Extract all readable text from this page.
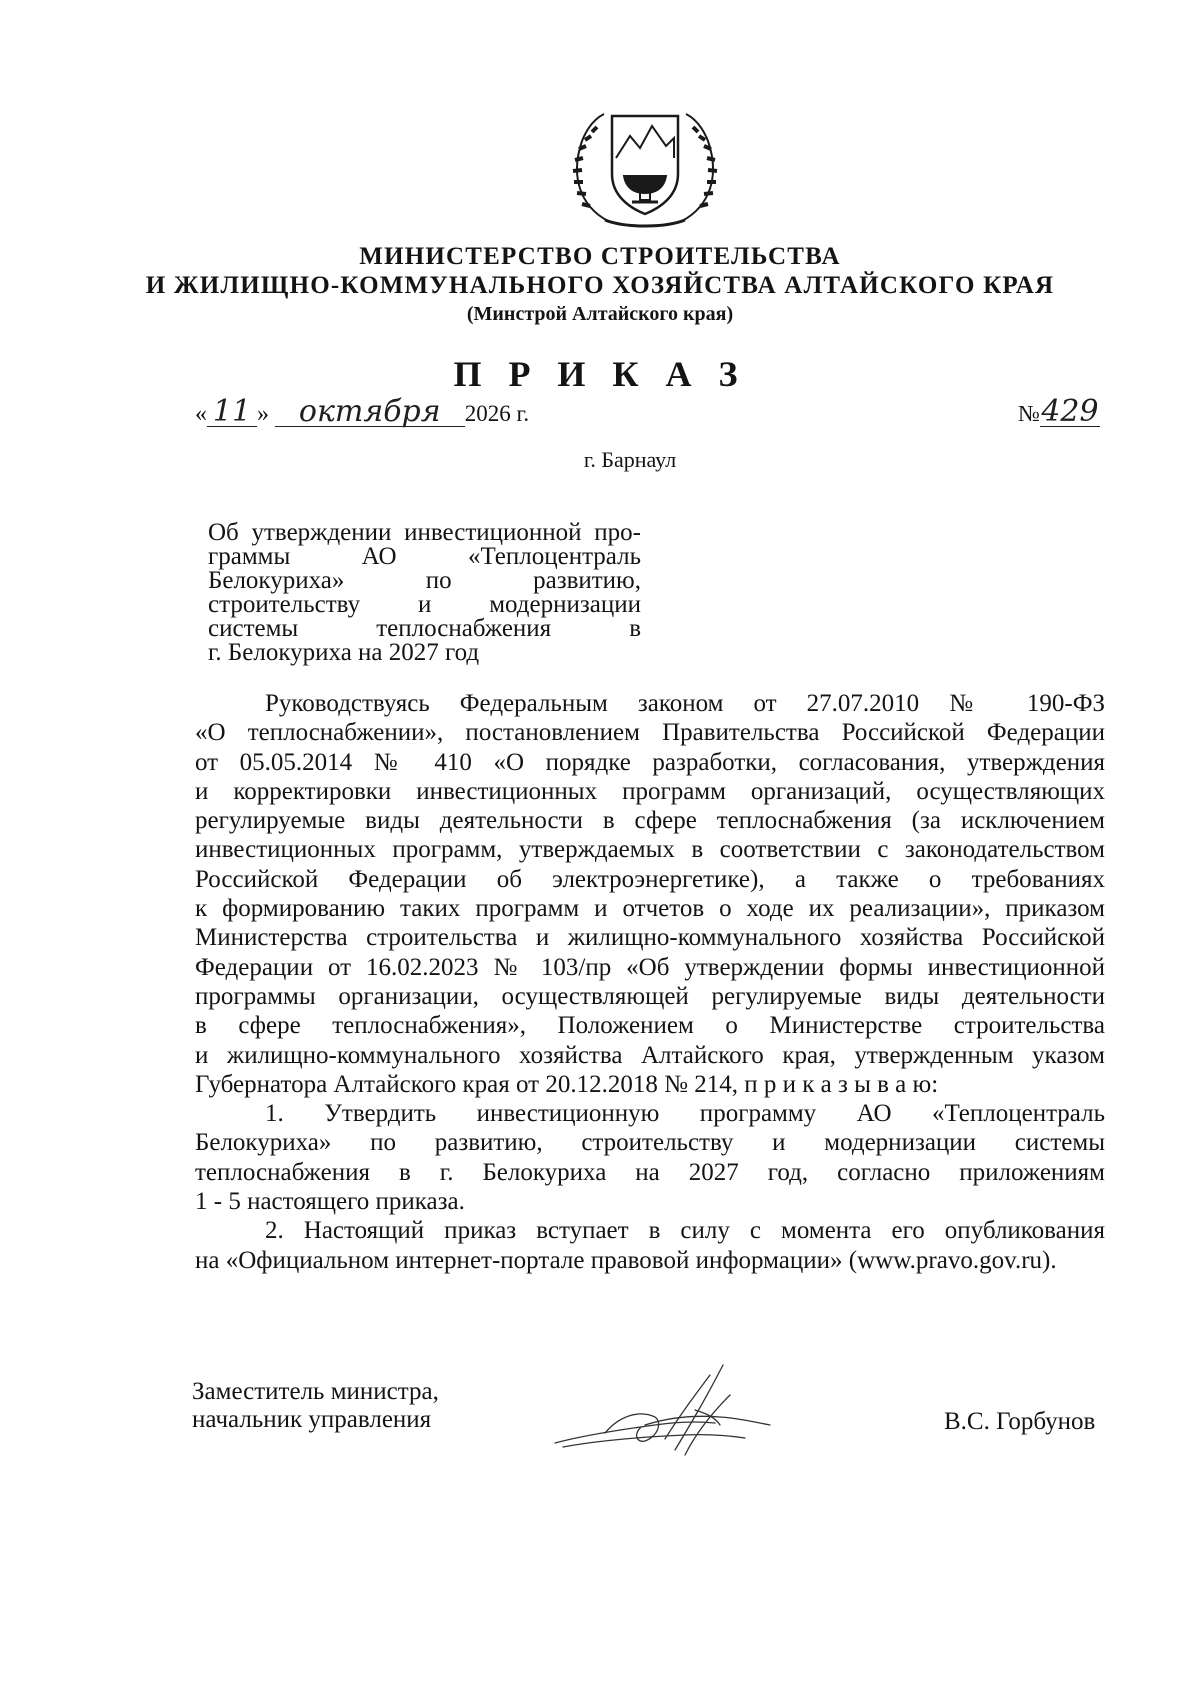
МИНИСТЕРСТВО СТРОИТЕЛЬСТВА
И ЖИЛИЩНО-КОММУНАЛЬНОГО ХОЗЯЙСТВА АЛТАЙСКОГО КРАЯ
(Минстрой Алтайского края)
П Р И К А З
« 11 » октября 2026 г.	№429
г. Барнаул
Об утверждении инвестиционной про-
граммы АО «Теплоцентраль
Белокуриха» по развитию,
строительству и модернизации
системы теплоснабжения в
г. Белокуриха на 2027 год
Руководствуясь Федеральным законом от 27.07.2010 № 190-ФЗ
«О теплоснабжении», постановлением Правительства Российской Федерации
от 05.05.2014 № 410 «О порядке разработки, согласования, утверждения
и корректировки инвестиционных программ организаций, осуществляющих
регулируемые виды деятельности в сфере теплоснабжения (за исключением
инвестиционных программ, утверждаемых в соответствии с законодательством
Российской Федерации об электроэнергетике), а также о требованиях
к формированию таких программ и отчетов о ходе их реализации», приказом
Министерства строительства и жилищно-коммунального хозяйства Российской
Федерации от 16.02.2023 № 103/пр «Об утверждении формы инвестиционной
программы организации, осуществляющей регулируемые виды деятельности
в сфере теплоснабжения», Положением о Министерстве строительства
и жилищно-коммунального хозяйства Алтайского края, утвержденным указом
Губернатора Алтайского края от 20.12.2018 № 214, п р и к а з ы в а ю:
1. Утвердить инвестиционную программу АО «Теплоцентраль
Белокуриха» по развитию, строительству и модернизации системы
теплоснабжения в г. Белокуриха на 2027 год, согласно приложениям
1 - 5 настоящего приказа.
2. Настоящий приказ вступает в силу с момента его опубликования
на «Официальном интернет-портале правовой информации» (www.pravo.gov.ru).
Заместитель министра,
начальник управления	В.С. Горбунов
